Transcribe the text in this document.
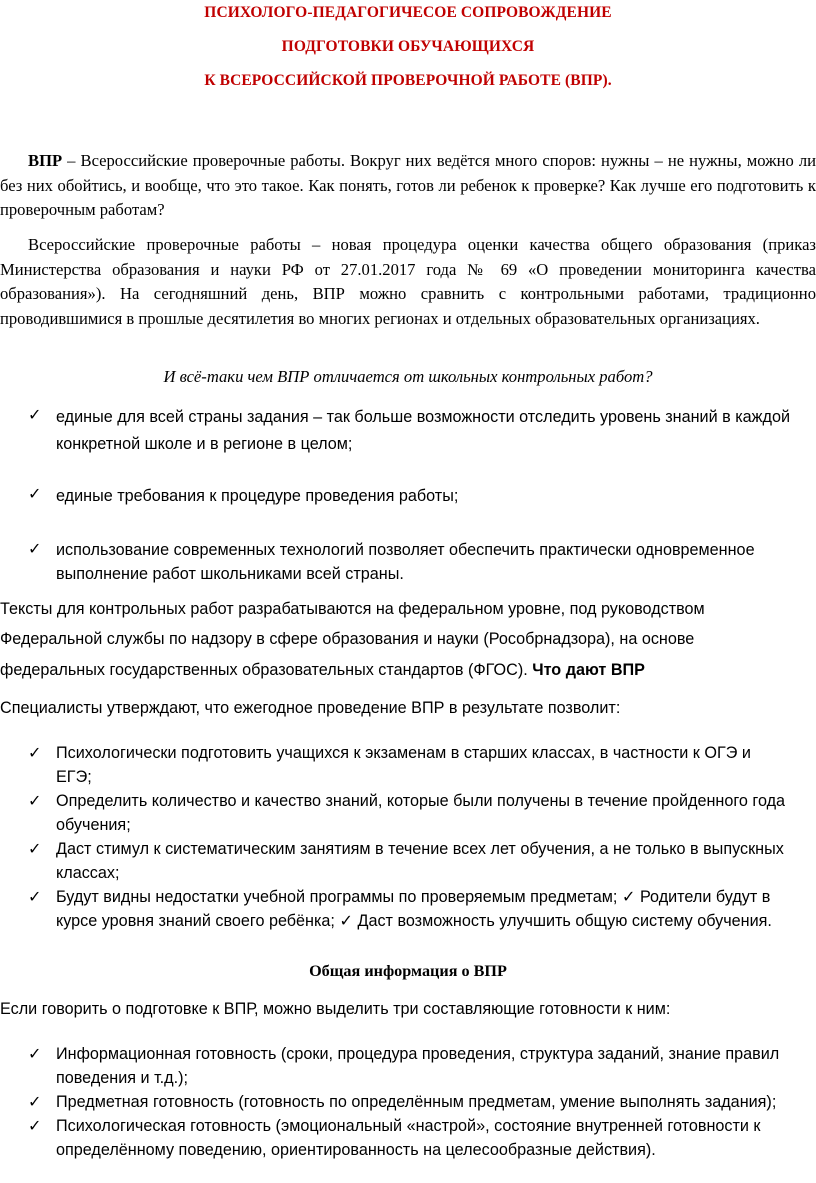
ПСИХОЛОГО-ПЕДАГОГИЧЕСОЕ СОПРОВОЖДЕНИЕ
ПОДГОТОВКИ ОБУЧАЮЩИХСЯ
К ВСЕРОССИЙСКОЙ ПРОВЕРОЧНОЙ РАБОТЕ (ВПР).
ВПР – Всероссийские проверочные работы. Вокруг них ведётся много споров: нужны – не нужны, можно ли без них обойтись, и вообще, что это такое. Как понять, готов ли ребенок к проверке? Как лучше его подготовить к проверочным работам?
Всероссийские проверочные работы – новая процедура оценки качества общего образования (приказ Министерства образования и науки РФ от 27.01.2017 года № 69 «О проведении мониторинга качества образования»). На сегодняшний день, ВПР можно сравнить с контрольными работами, традиционно проводившимися в прошлые десятилетия во многих регионах и отдельных образовательных организациях.
И всё-таки чем ВПР отличается от школьных контрольных работ?
✓ единые для всей страны задания – так больше возможности отследить уровень знаний в каждой
конкретной школе и в регионе в целом;
✓ единые требования к процедуре проведения работы;
✓ использование современных технологий позволяет обеспечить практически одновременное
выполнение работ школьниками всей страны.
Тексты для контрольных работ разрабатываются на федеральном уровне, под руководством
Федеральной службы по надзору в сфере образования и науки (Рособрнадзора), на основе
федеральных государственных образовательных стандартов (ФГОС). Что дают ВПР
Специалисты утверждают, что ежегодное проведение ВПР в результате позволит:
✓ Психологически подготовить учащихся к экзаменам в старших классах, в частности к ОГЭ и
ЕГЭ;
✓ Определить количество и качество знаний, которые были получены в течение пройденного года
обучения;
✓ Даст стимул к систематическим занятиям в течение всех лет обучения, а не только в выпускных
классах;
✓ Будут видны недостатки учебной программы по проверяемым предметам; ✓ Родители будут в
курсе уровня знаний своего ребёнка; ✓ Даст возможность улучшить общую систему обучения.
Общая информация о ВПР
Если говорить о подготовке к ВПР, можно выделить три составляющие готовности к ним:
✓ Информационная готовность (сроки, процедура проведения, структура заданий, знание правил
поведения и т.д.);
✓ Предметная готовность (готовность по определённым предметам, умение выполнять задания);
✓ Психологическая готовность (эмоциональный «настрой», состояние внутренней готовности к
определённому поведению, ориентированность на целесообразные действия).
